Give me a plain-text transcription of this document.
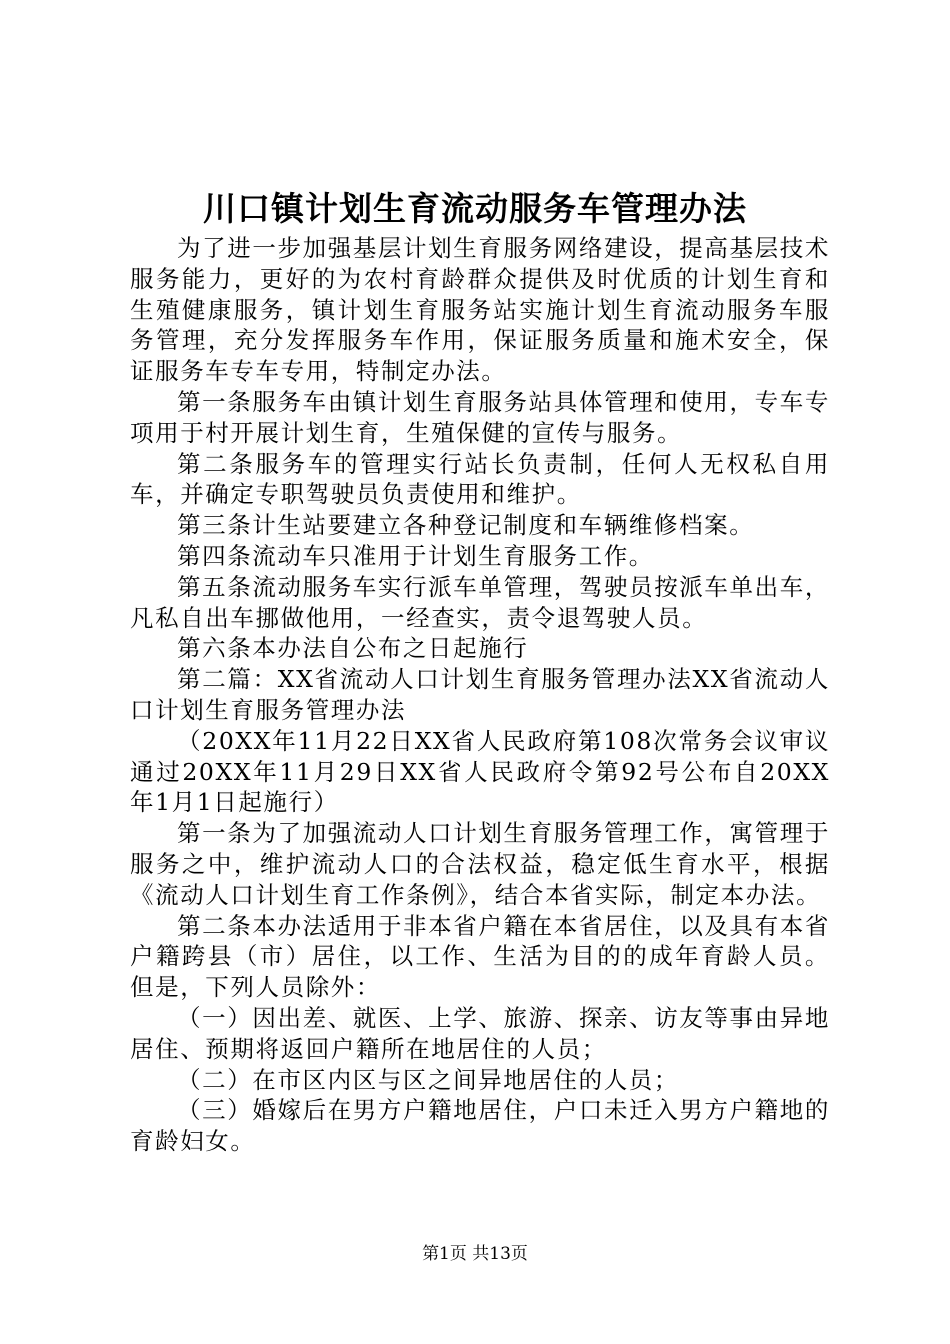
川口镇计划生育流动服务车管理办法

为了进一步加强基层计划生育服务网络建设，提高基层技术服务能力，更好的为农村育龄群众提供及时优质的计划生育和生殖健康服务，镇计划生育服务站实施计划生育流动服务车服务管理，充分发挥服务车作用，保证服务质量和施术安全，保证服务车专车专用，特制定办法。

第一条服务车由镇计划生育服务站具体管理和使用，专车专项用于村开展计划生育，生殖保健的宣传与服务。

第二条服务车的管理实行站长负责制，任何人无权私自用车，并确定专职驾驶员负责使用和维护。

第三条计生站要建立各种登记制度和车辆维修档案。

第四条流动车只准用于计划生育服务工作。

第五条流动服务车实行派车单管理，驾驶员按派车单出车，凡私自出车挪做他用，一经查实，责令退驾驶人员。

第六条本办法自公布之日起施行

第二篇：XX省流动人口计划生育服务管理办法XX省流动人口计划生育服务管理办法

（20XX年11月22日XX省人民政府第108次常务会议审议通过20XX年11月29日XX省人民政府令第92号公布自20XX年1月1日起施行）

第一条为了加强流动人口计划生育服务管理工作，寓管理于服务之中，维护流动人口的合法权益，稳定低生育水平，根据《流动人口计划生育工作条例》，结合本省实际，制定本办法。

第二条本办法适用于非本省户籍在本省居住，以及具有本省户籍跨县（市）居住，以工作、生活为目的的成年育龄人员。但是，下列人员除外：

（一）因出差、就医、上学、旅游、探亲、访友等事由异地居住、预期将返回户籍所在地居住的人员；

（二）在市区内区与区之间异地居住的人员；

（三）婚嫁后在男方户籍地居住，户口未迁入男方户籍地的育龄妇女。

第1页 共13页
